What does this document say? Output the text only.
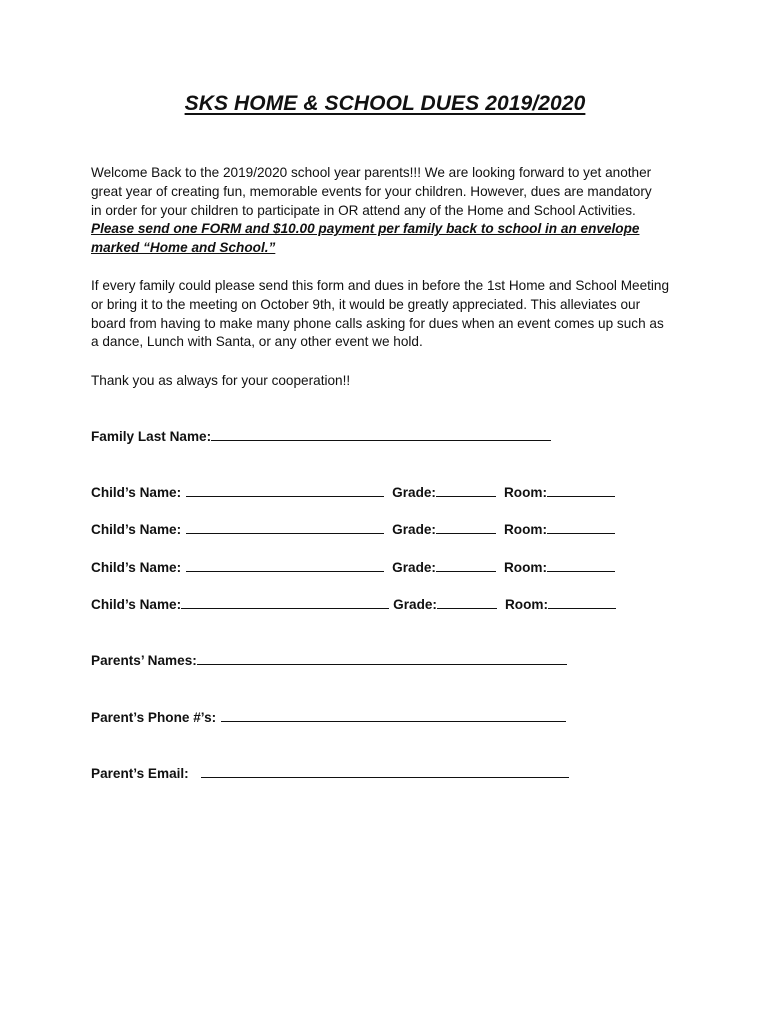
SKS HOME & SCHOOL DUES 2019/2020
Welcome Back to the 2019/2020 school year parents!!! We are looking forward to yet another
great year of creating fun, memorable events for your children. However, dues are mandatory
in order for your children to participate in OR attend any of the Home and School Activities.
Please send one FORM and $10.00 payment per family back to school in an envelope
marked “Home and School.”
If every family could please send this form and dues in before the 1st Home and School Meeting
or bring it to the meeting on October 9th, it would be greatly appreciated. This alleviates our
board from having to make many phone calls asking for dues when an event comes up such as
a dance, Lunch with Santa, or any other event we hold.
Thank you as always for your cooperation!!
Family Last Name:
Child’s Name:	Grade:	Room:
Child’s Name:	Grade:	Room:
Child’s Name:	Grade:	Room:
Child’s Name:	Grade:	Room:
Parents’ Names:
Parent’s Phone #’s:
Parent’s Email:
